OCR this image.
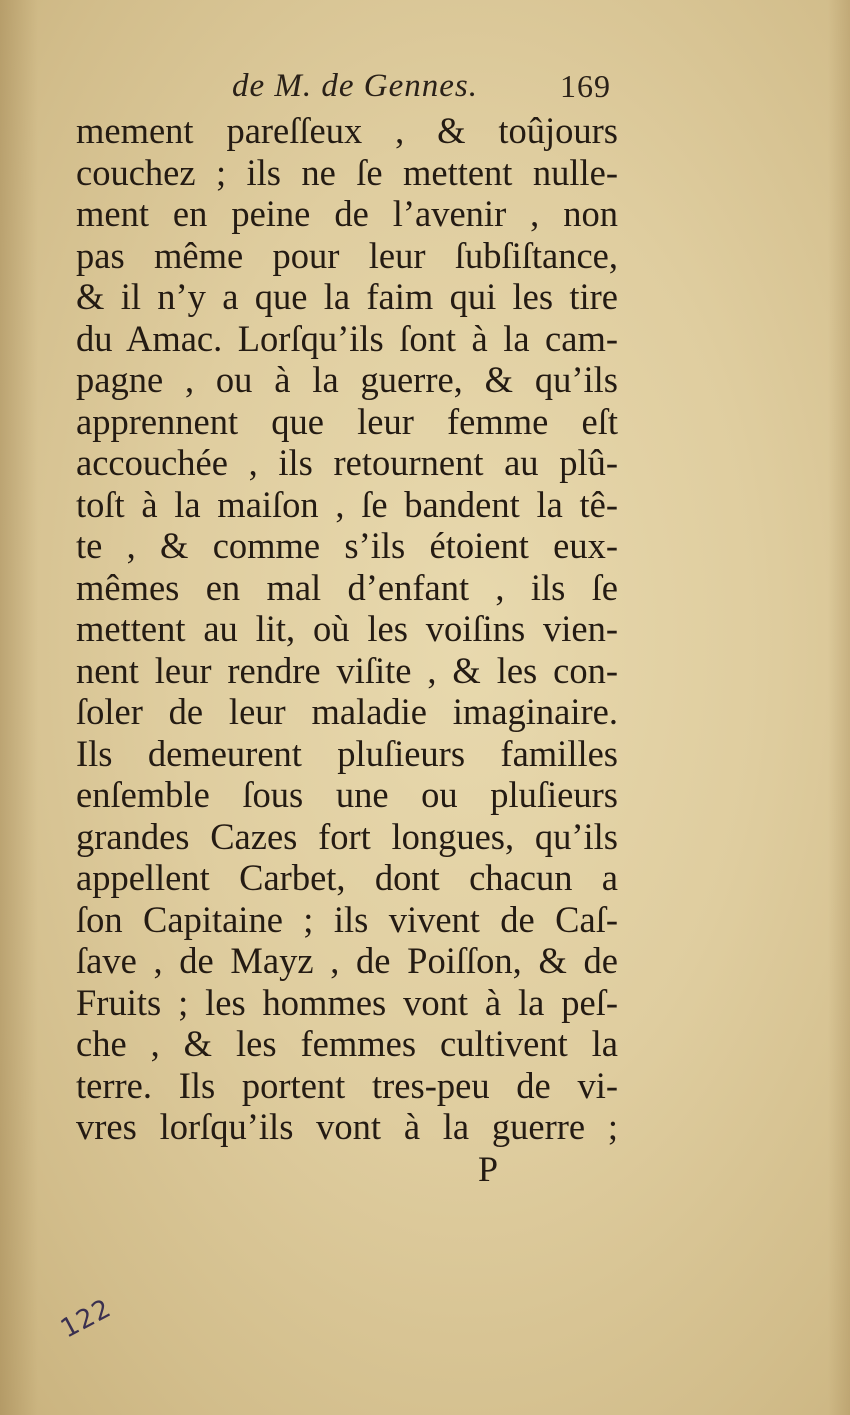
de M. de Gennes.	169
mement pareſſeux , & toûjours
couchez ; ils ne ſe mettent nulle-
ment en peine de l’avenir , non
pas même pour leur ſubſiſtance,
& il n’y a que la faim qui les tire
du Amac. Lorſqu’ils ſont à la cam-
pagne , ou à la guerre, & qu’ils
apprennent que leur femme eſt
accouchée , ils retournent au plû-
toſt à la maiſon , ſe bandent la tê-
te , & comme s’ils étoient eux-
mêmes en mal d’enfant , ils ſe
mettent au lit, où les voiſins vien-
nent leur rendre viſite , & les con-
ſoler de leur maladie imaginaire.
Ils demeurent pluſieurs familles
enſemble ſous une ou pluſieurs
grandes Cazes fort longues, qu’ils
appellent Carbet, dont chacun a
ſon Capitaine ; ils vivent de Caſ-
ſave , de Mayz , de Poiſſon, & de
Fruits ; les hommes vont à la peſ-
che , & les femmes cultivent la
terre. Ils portent tres-peu de vi-
vres lorſqu’ils vont à la guerre ;
P
122
